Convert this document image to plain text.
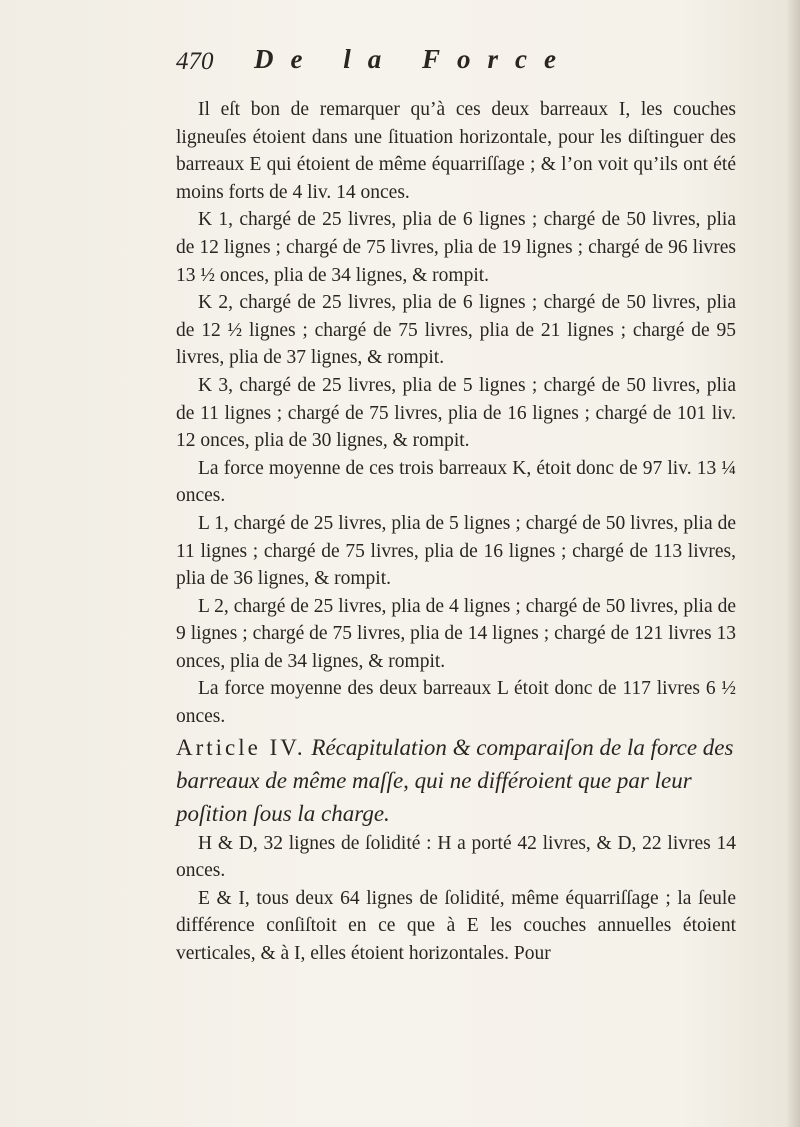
470 De la Force

Il eſt bon de remarquer qu’à ces deux barreaux I, les couches ligneuſes étoient dans une ſituation horizontale, pour les diſtinguer des barreaux E qui étoient de même équarriſſage ; & l’on voit qu’ils ont été moins forts de 4 liv. 14 onces.

K 1, chargé de 25 livres, plia de 6 lignes ; chargé de 50 livres, plia de 12 lignes ; chargé de 75 livres, plia de 19 lignes ; chargé de 96 livres 13 ½ onces, plia de 34 lignes, & rompit.

K 2, chargé de 25 livres, plia de 6 lignes ; chargé de 50 livres, plia de 12 ½ lignes ; chargé de 75 livres, plia de 21 lignes ; chargé de 95 livres, plia de 37 lignes, & rompit.

K 3, chargé de 25 livres, plia de 5 lignes ; chargé de 50 livres, plia de 11 lignes ; chargé de 75 livres, plia de 16 lignes ; chargé de 101 liv. 12 onces, plia de 30 lignes, & rompit.

La force moyenne de ces trois barreaux K, étoit donc de 97 liv. 13 ¼ onces.

L 1, chargé de 25 livres, plia de 5 lignes ; chargé de 50 livres, plia de 11 lignes ; chargé de 75 livres, plia de 16 lignes ; chargé de 113 livres, plia de 36 lignes, & rompit.

L 2, chargé de 25 livres, plia de 4 lignes ; chargé de 50 livres, plia de 9 lignes ; chargé de 75 livres, plia de 14 lignes ; chargé de 121 livres 13 onces, plia de 34 lignes, & rompit.

La force moyenne des deux barreaux L étoit donc de 117 livres 6 ½ onces.

Article IV. Récapitulation & comparaiſon de la force des barreaux de même maſſe, qui ne différoient que par leur poſition ſous la charge.

H & D, 32 lignes de ſolidité : H a porté 42 livres, & D, 22 livres 14 onces.

E & I, tous deux 64 lignes de ſolidité, même équarriſſage ; la ſeule différence conſiſtoit en ce que à E les couches annuelles étoient verticales, & à I, elles étoient horizontales. Pour
